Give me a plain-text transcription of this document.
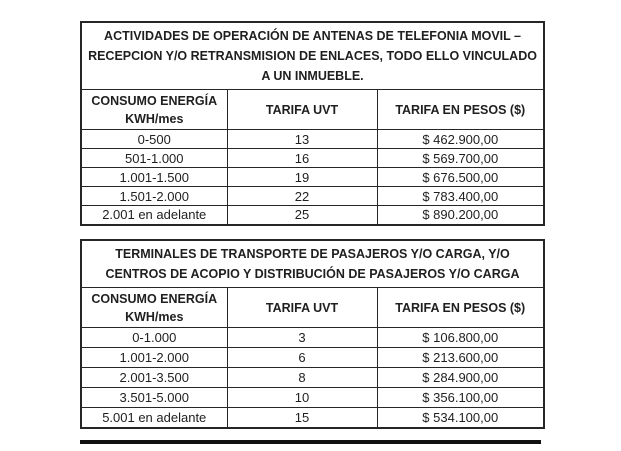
ACTIVIDADES DE OPERACIÓN DE ANTENAS DE TELEFONIA MOVIL – RECEPCION Y/O RETRANSMISION DE ENLACES, TODO ELLO VINCULADO A UN INMUEBLE.		

CONSUMO ENERGÍA
KWH/mes	TARIFA UVT	TARIFA EN PESOS ($)
0-500	13	$ 462.900,00
501-1.000	16	$ 569.700,00
1.001-1.500	19	$ 676.500,00
1.501-2.000	22	$ 783.400,00
2.001 en adelante	25	$ 890.200,00
TERMINALES DE TRANSPORTE DE PASAJEROS Y/O CARGA, Y/O CENTROS DE ACOPIO Y DISTRIBUCIÓN DE PASAJEROS Y/O CARGA		

CONSUMO ENERGÍA
KWH/mes	TARIFA UVT	TARIFA EN PESOS ($)
0-1.000	3	$ 106.800,00
1.001-2.000	6	$ 213.600,00
2.001-3.500	8	$ 284.900,00
3.501-5.000	10	$ 356.100,00
5.001 en adelante	15	$ 534.100,00
